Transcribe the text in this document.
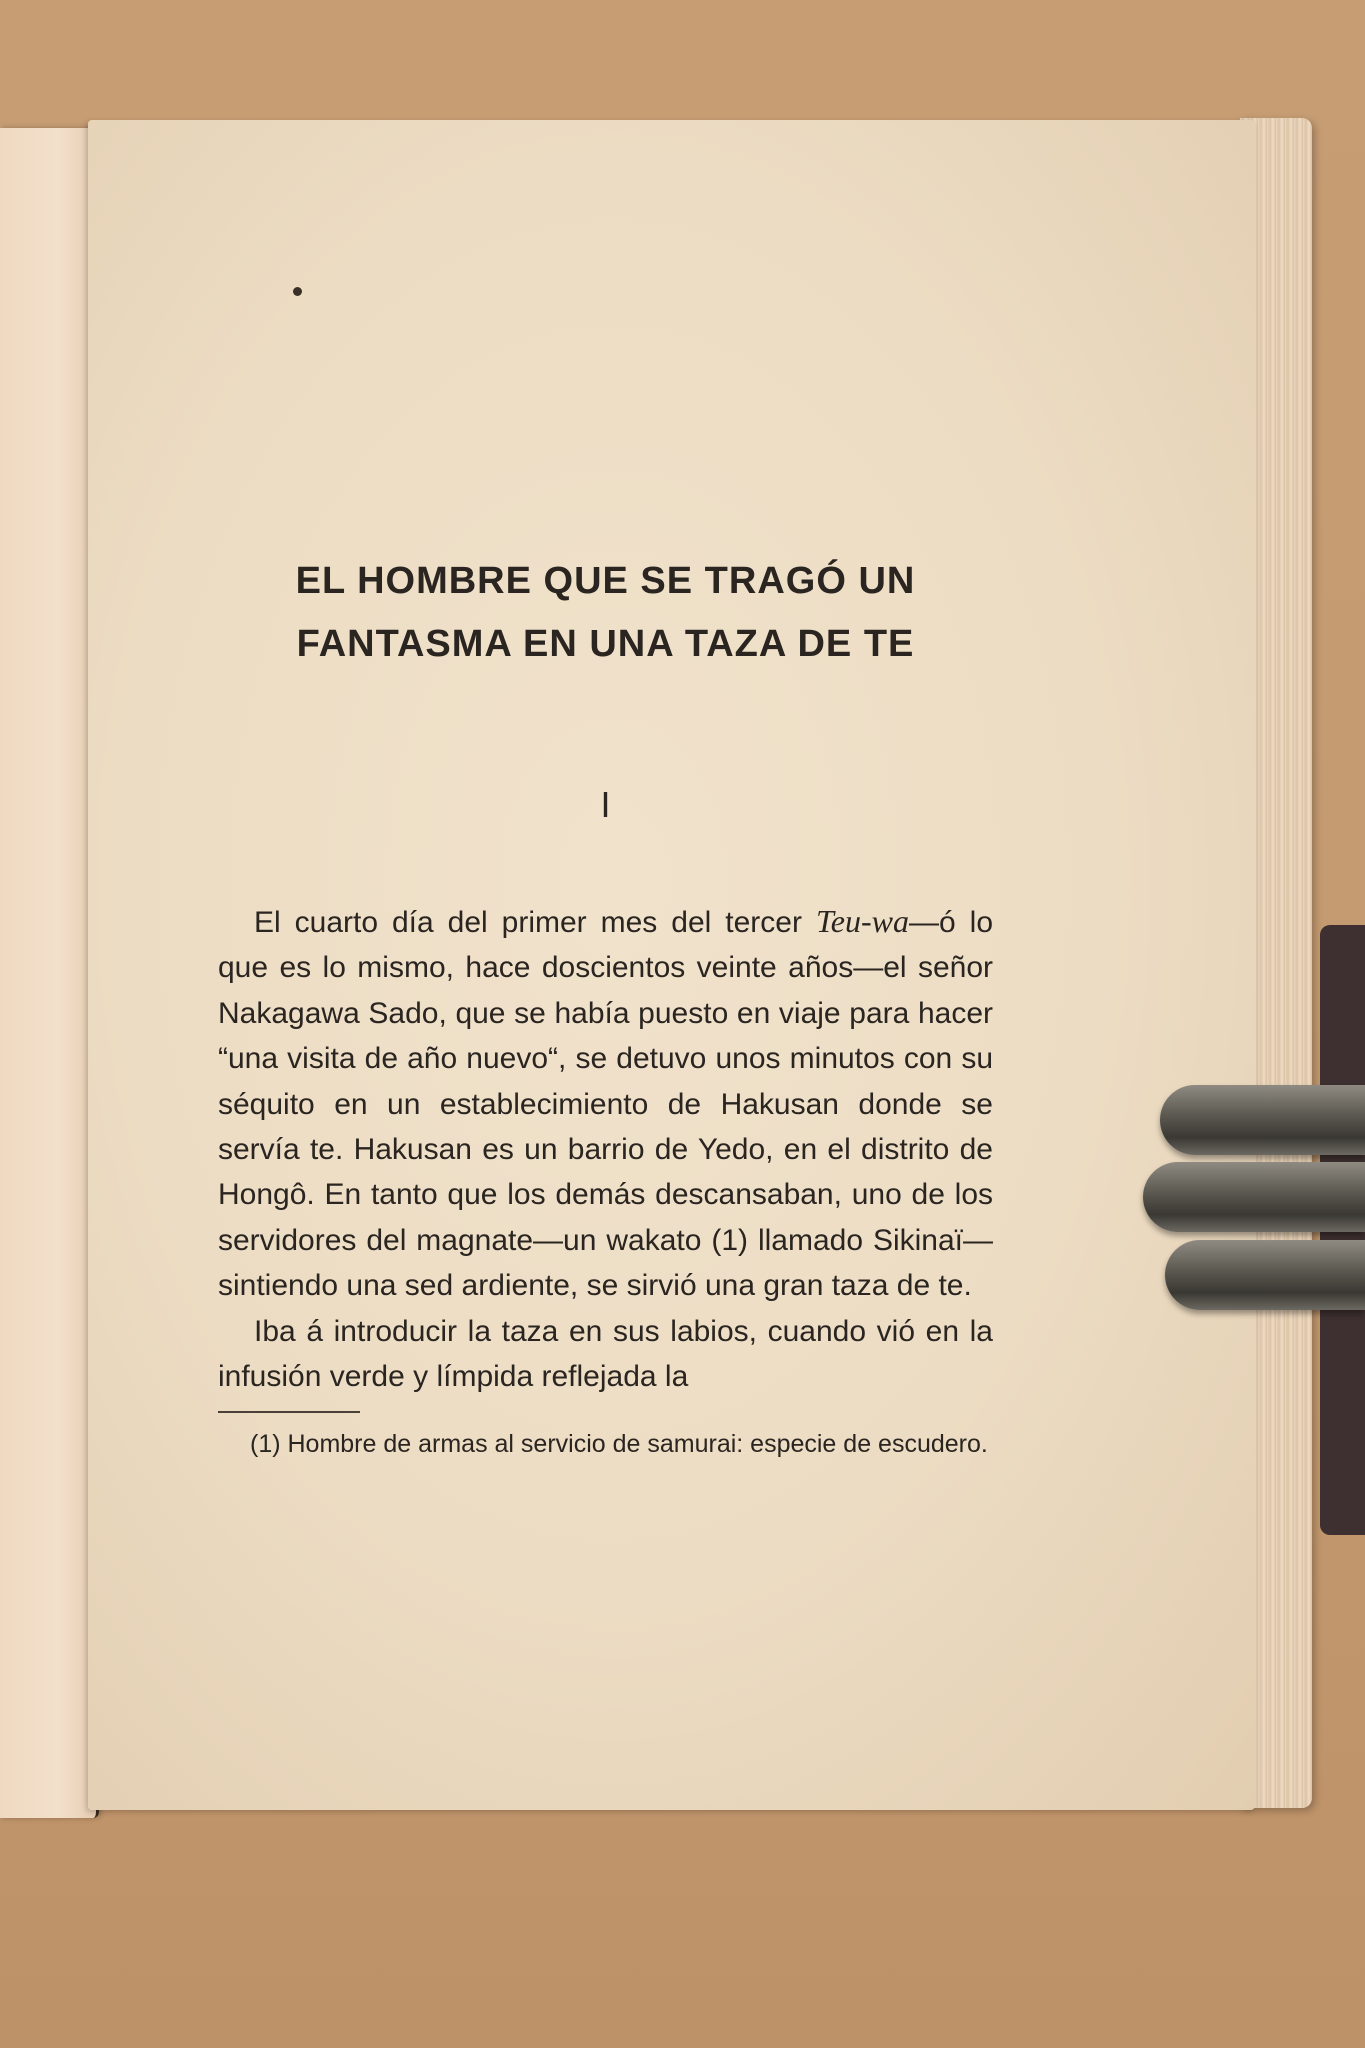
EL HOMBRE QUE SE TRAGÓ UN
FANTASMA EN UNA TAZA DE TE
I

El cuarto día del primer mes del tercer Teu-wa—ó lo que es lo mismo, hace doscientos veinte años—el señor Nakagawa Sado, que se había puesto en viaje para hacer “una visita de año nuevo“, se detuvo unos minutos con su séquito en un establecimiento de Hakusan donde se servía te. Hakusan es un barrio de Yedo, en el distrito de Hongô. En tanto que los demás descansaban, uno de los servidores del magnate—un wakato (1) llamado Sikinaï—sintiendo una sed ardiente, se sirvió una gran taza de te.

Iba á introducir la taza en sus labios, cuando vió en la infusión verde y límpida reflejada la

(1) Hombre de armas al servicio de samurai: especie de escudero.
